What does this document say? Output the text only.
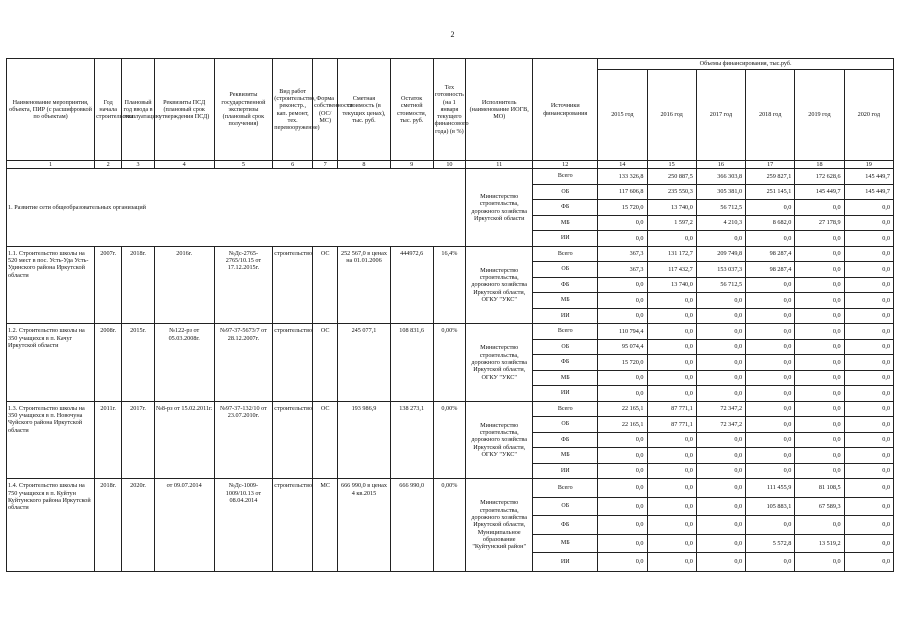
2
Наименование мероприятия, объекта, ПИР (с расшифровкой по объектам)	Год начала строительства	Плановый год ввода в эксплуатацию	Реквизиты ПСД (плановый срок утверждения ПСД)	Реквизиты государственной экспертизы (плановый срок получения)	Вид работ (строительство, реконстр., кап. ремонт, тех. перевооружение)	Форма собственности (ОС/МС)	Сметная стоимость (в текущих ценах), тыс. руб.	Остаток сметной стоимости, тыс. руб.	Тех готовность (на 1 января текущего финансового года) (в %)	Исполнитель (наименование ИОГВ, МО)	Источники финансирования	Объемы финансирования, тыс.руб.					
												2015 год	2016 год	2017 год	2018 год	2019 год	2020 год
1	2	3	4	5	6	7	8	9	10	11	12	14	15	16	17	18	19
1. Развитие сети общеобразовательных организаций										Министерство строительства, дорожного хозяйства Иркутской области	Всего	133 326,8	250 887,5	366 303,8	259 827,1	172 628,6	145 449,7
											ОБ	117 606,8	235 550,3	305 381,0	251 145,1	145 449,7	145 449,7
											ФБ	15 720,0	13 740,0	56 712,5	0,0	0,0	0,0
											МБ	0,0	1 597,2	4 210,3	8 682,0	27 178,9	0,0
											ИИ	0,0	0,0	0,0	0,0	0,0	0,0
1.1. Строительство школы на 520 мест в пос. Усть-Уда Усть-Удинского района Иркутской области	2007г.	2018г.	2016г.	№Дс-2765-2765/10.15 от 17.12.2015г.	строительство	ОС	252 567,0 в ценах на 01.01.2006	444972,6	16,4%	Министерство строительства, дорожного хозяйства Иркутской области, ОГКУ "УКС"	Всего	367,3	131 172,7	209 749,8	98 287,4	0,0	0,0
											ОБ	367,3	117 432,7	153 037,3	98 287,4	0,0	0,0
											ФБ	0,0	13 740,0	56 712,5	0,0	0,0	0,0
											МБ	0,0	0,0	0,0	0,0	0,0	0,0
											ИИ	0,0	0,0	0,0	0,0	0,0	0,0
1.2. Строительство школы на 350 учащихся в п. Качуг Иркутской области	2008г.	2015г.	№122-рз от 05.03.2008г.	№97-37-5673/7 от 28.12.2007г.	строительство	ОС	245 077,1	108 831,6	0,00%	Министерство строительства, дорожного хозяйства Иркутской области, ОГКУ "УКС"	Всего	110 794,4	0,0	0,0	0,0	0,0	0,0
											ОБ	95 074,4	0,0	0,0	0,0	0,0	0,0
											ФБ	15 720,0	0,0	0,0	0,0	0,0	0,0
											МБ	0,0	0,0	0,0	0,0	0,0	0,0
											ИИ	0,0	0,0	0,0	0,0	0,0	0,0
1.3. Строительство школы на 350 учащихся в п. Новочуна Чуйского района Иркутской области	2011г.	2017г.	№8-рз от 15.02.2011г.	№97-37-132/10 от 23.07.2010г.	строительство	ОС	193 986,9	138 273,1	0,00%	Министерство строительства, дорожного хозяйства Иркутской области, ОГКУ "УКС"	Всего	22 165,1	87 771,1	72 347,2	0,0	0,0	0,0
											ОБ	22 165,1	87 771,1	72 347,2	0,0	0,0	0,0
											ФБ	0,0	0,0	0,0	0,0	0,0	0,0
											МБ	0,0	0,0	0,0	0,0	0,0	0,0
											ИИ	0,0	0,0	0,0	0,0	0,0	0,0
1.4. Строительство школы на 750 учащихся в п. Куйтун Куйтунского района Иркутской области	2018г.	2020г.	от 09.07.2014	№Дс-1009-1009/10.13 от 08.04.2014	строительство	МС	666 990,0 в ценах 4 кв.2015	666 990,0	0,00%	Министерство строительства, дорожного хозяйства Иркутской области, Муниципальное образование "Куйтунский район"	Всего	0,0	0,0	0,0	111 455,9	81 108,5	0,0
											ОБ	0,0	0,0	0,0	105 883,1	67 589,3	0,0
											ФБ	0,0	0,0	0,0	0,0	0,0	0,0
											МБ	0,0	0,0	0,0	5 572,8	13 519,2	0,0
											ИИ	0,0	0,0	0,0	0,0	0,0	0,0
